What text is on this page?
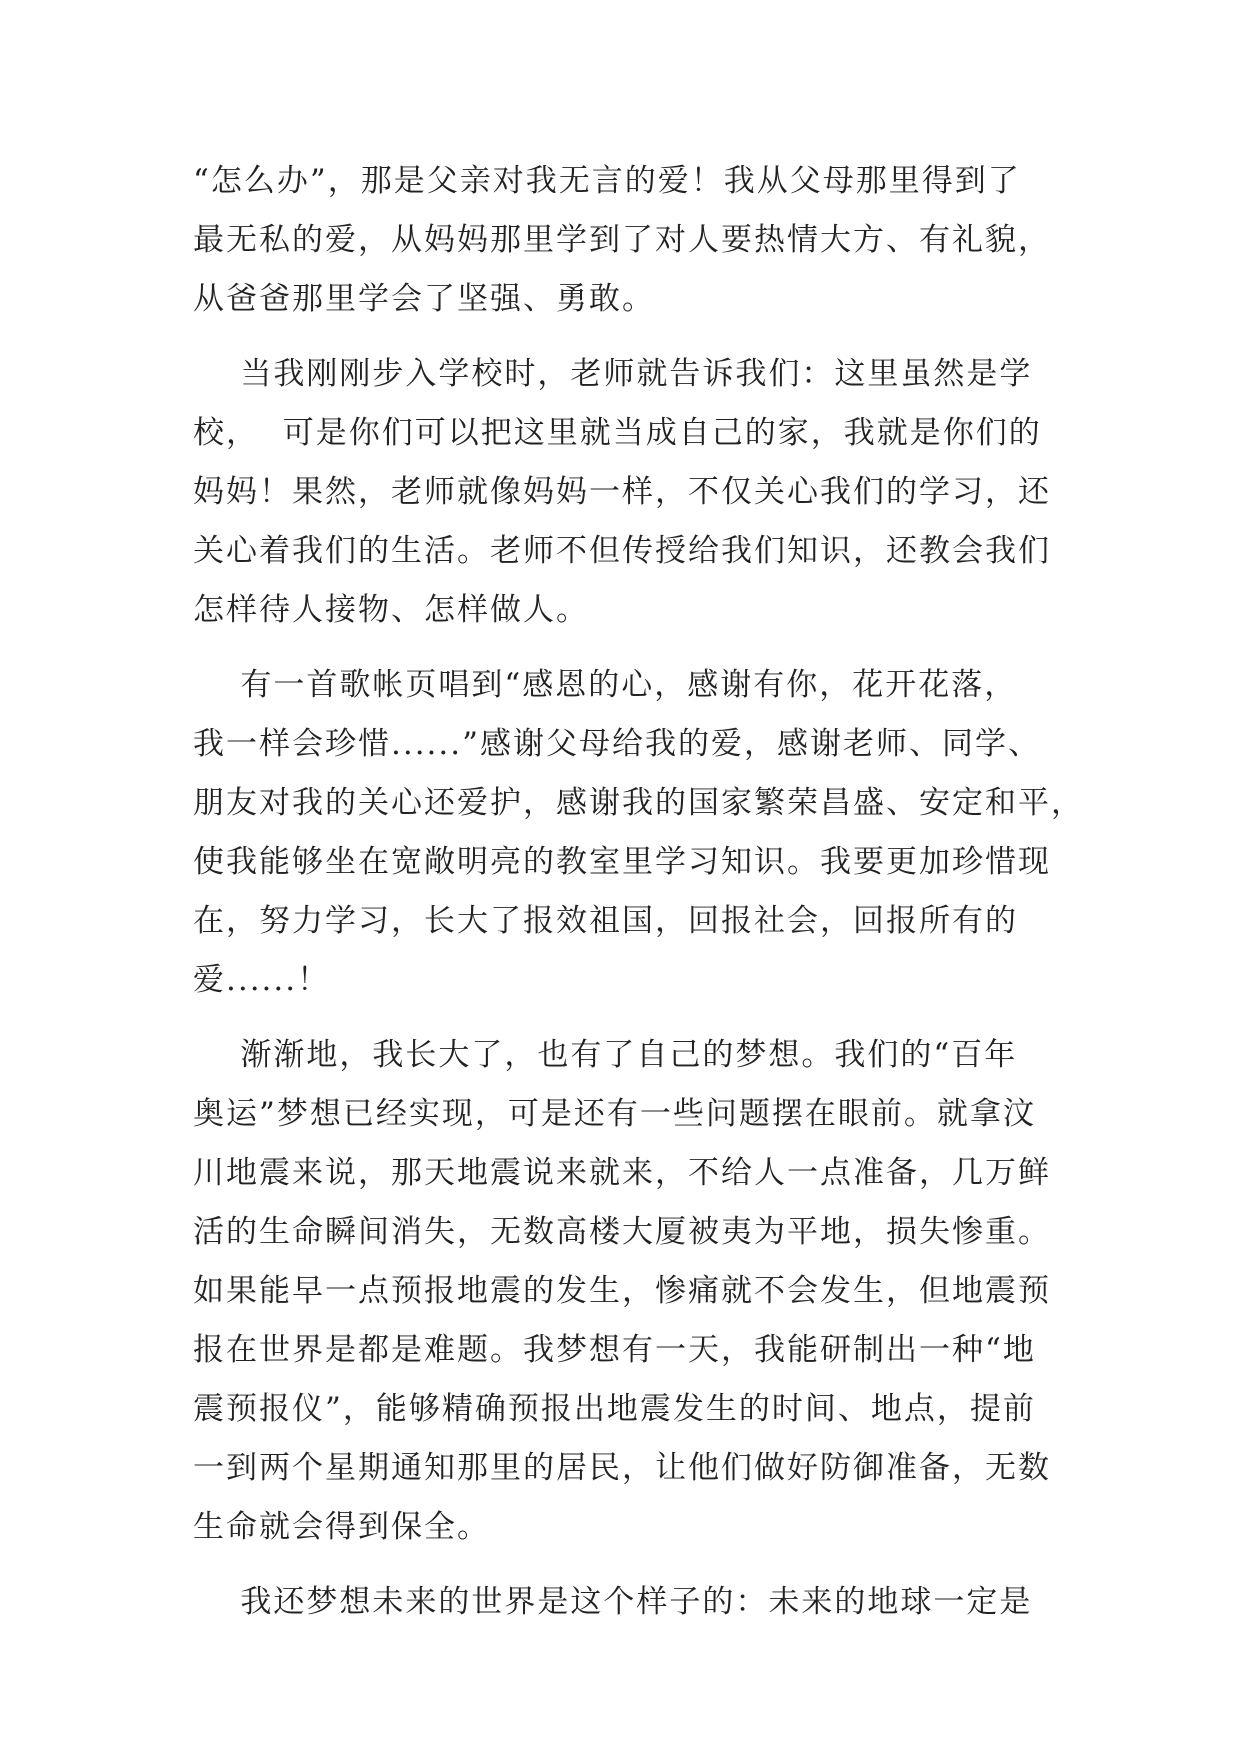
“怎么办”，那是父亲对我无言的爱！我从父母那里得到了
最无私的爱，从妈妈那里学到了对人要热情大方、有礼貌，
从爸爸那里学会了坚强、勇敢。
当我刚刚步入学校时，老师就告诉我们：这里虽然是学
校，  可是你们可以把这里就当成自己的家，我就是你们的
妈妈！果然，老师就像妈妈一样，不仅关心我们的学习，还
关心着我们的生活。老师不但传授给我们知识，还教会我们
怎样待人接物、怎样做人。
有一首歌帐页唱到“感恩的心，感谢有你，花开花落，
我一样会珍惜......”感谢父母给我的爱，感谢老师、同学、
朋友对我的关心还爱护，感谢我的国家繁荣昌盛、安定和平，
使我能够坐在宽敞明亮的教室里学习知识。我要更加珍惜现
在，努力学习，长大了报效祖国，回报社会，回报所有的
爱......！
渐渐地，我长大了，也有了自己的梦想。我们的“百年
奥运”梦想已经实现，可是还有一些问题摆在眼前。就拿汶
川地震来说，那天地震说来就来，不给人一点准备，几万鲜
活的生命瞬间消失，无数高楼大厦被夷为平地，损失惨重。
如果能早一点预报地震的发生，惨痛就不会发生，但地震预
报在世界是都是难题。我梦想有一天，我能研制出一种“地
震预报仪”，能够精确预报出地震发生的时间、地点，提前
一到两个星期通知那里的居民，让他们做好防御准备，无数
生命就会得到保全。
我还梦想未来的世界是这个样子的：未来的地球一定是
